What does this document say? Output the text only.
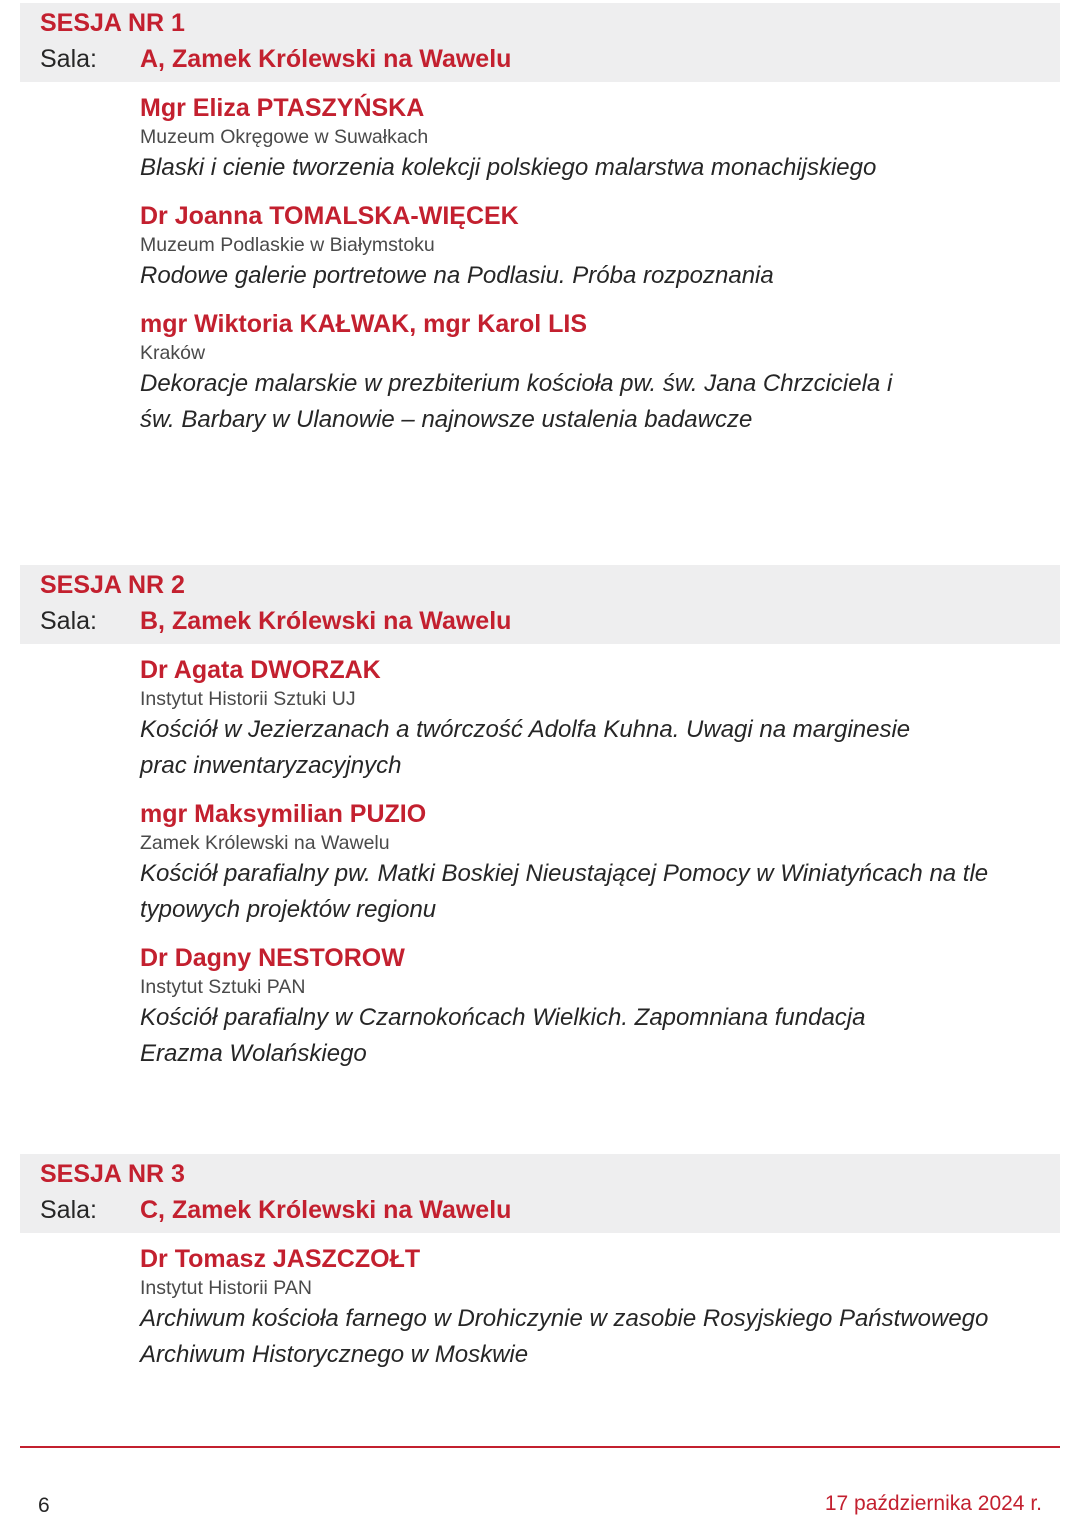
SESJA NR 1
Sala: A, Zamek Królewski na Wawelu
Mgr Eliza PTASZYŃSKA
Muzeum Okręgowe w Suwałkach
Blaski i cienie tworzenia kolekcji polskiego malarstwa monachijskiego
Dr Joanna TOMALSKA-WIĘCEK
Muzeum Podlaskie w Białymstoku
Rodowe galerie portretowe na Podlasiu. Próba rozpoznania
mgr Wiktoria KAŁWAK, mgr Karol LIS
Kraków
Dekoracje malarskie w prezbiterium kościoła pw. św. Jana Chrzciciela i św. Barbary w Ulanowie – najnowsze ustalenia badawcze
SESJA NR 2
Sala: B, Zamek Królewski na Wawelu
Dr Agata DWORZAK
Instytut Historii Sztuki UJ
Kościół w Jezierzanach a twórczość Adolfa Kuhna. Uwagi na marginesie prac inwentaryzacyjnych
mgr Maksymilian PUZIO
Zamek Królewski na Wawelu
Kościół parafialny pw. Matki Boskiej Nieustającej Pomocy w Winiatyńcach na tle typowych projektów regionu
Dr Dagny NESTOROW
Instytut Sztuki PAN
Kościół parafialny w Czarnokońcach Wielkich. Zapomniana fundacja Erazma Wolańskiego
SESJA NR 3
Sala: C, Zamek Królewski na Wawelu
Dr Tomasz JASZCZOŁT
Instytut Historii PAN
Archiwum kościoła farnego w Drohiczynie w zasobie Rosyjskiego Państwowego Archiwum Historycznego w Moskwie
6	17 października 2024 r.
